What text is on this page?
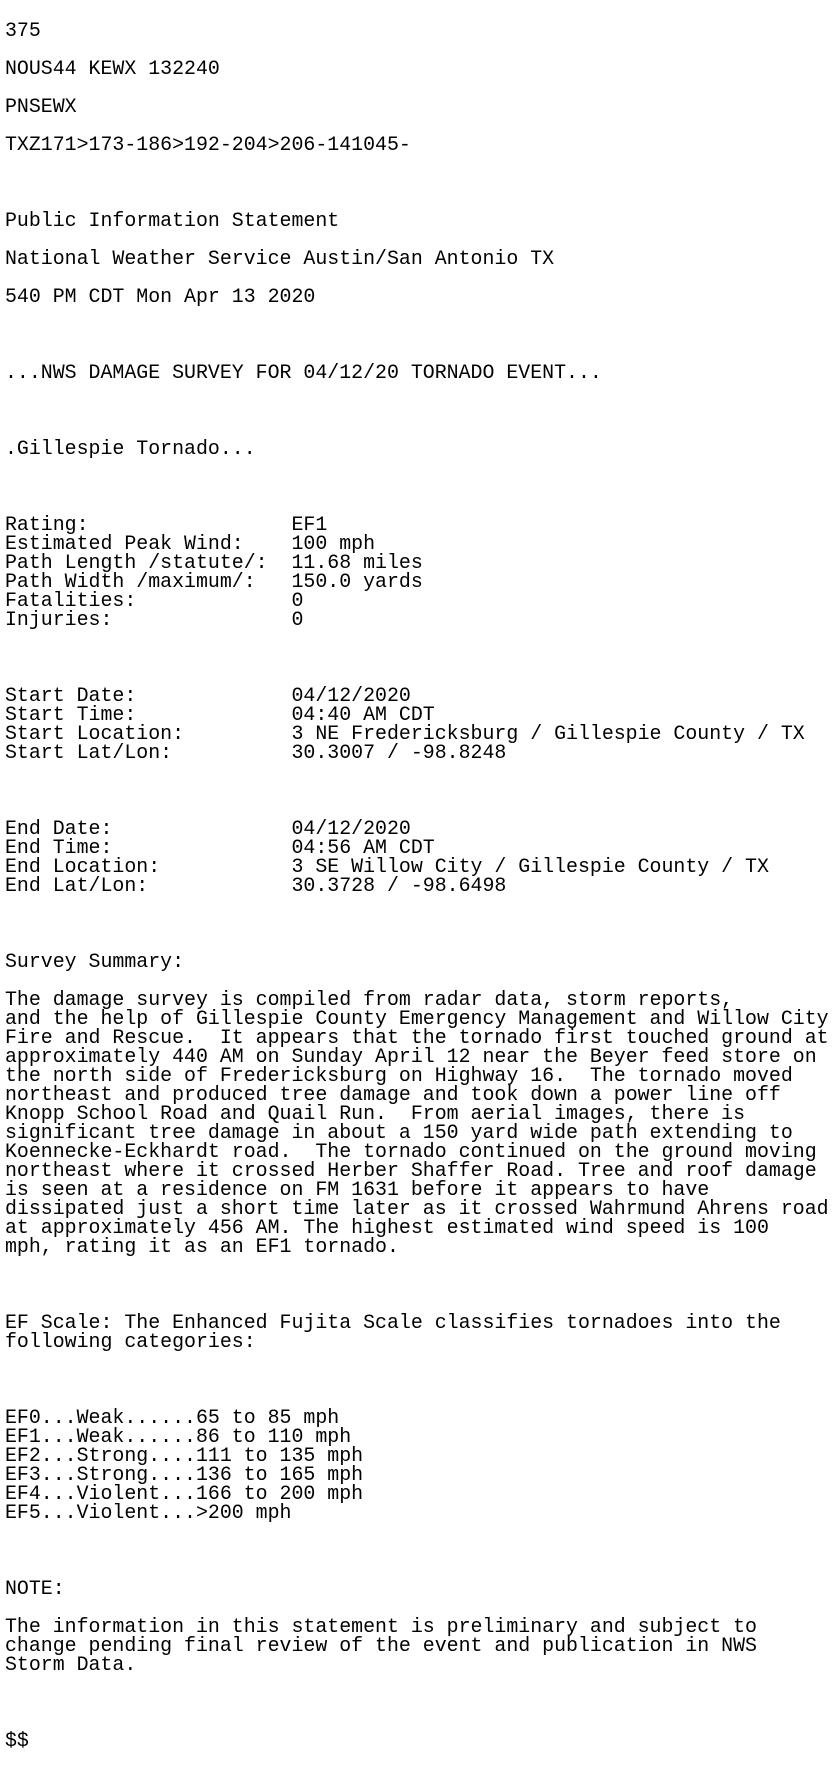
375

NOUS44 KEWX 132240

PNSEWX

TXZ171>173-186>192-204>206-141045-

Public Information Statement

National Weather Service Austin/San Antonio TX

540 PM CDT Mon Apr 13 2020

...NWS DAMAGE SURVEY FOR 04/12/20 TORNADO EVENT...

.Gillespie Tornado...

Rating:	EF1
Estimated Peak Wind: 100 mph
Path Length /statute/: 11.68 miles
Path Width /maximum/: 150.0 yards
Fatalities:	0
Injuries:	0

Start Date:	04/12/2020
Start Time:	04:40 AM CDT
Start Location:	3 NE Fredericksburg / Gillespie County / TX
Start Lat/Lon:	30.3007 / -98.8248

End Date:	04/12/2020
End Time:	04:56 AM CDT
End Location:	3 SE Willow City / Gillespie County / TX
End Lat/Lon:	30.3728 / -98.6498

Survey Summary:

The damage survey is compiled from radar data, storm reports,
and the help of Gillespie County Emergency Management and Willow City
Fire and Rescue.  It appears that the tornado first touched ground at
approximately 440 AM on Sunday April 12 near the Beyer feed store on
the north side of Fredericksburg on Highway 16.  The tornado moved
northeast and produced tree damage and took down a power line off
Knopp School Road and Quail Run.  From aerial images, there is
significant tree damage in about a 150 yard wide path extending to
Koennecke-Eckhardt road.  The tornado continued on the ground moving
northeast where it crossed Herber Shaffer Road. Tree and roof damage
is seen at a residence on FM 1631 before it appears to have
dissipated just a short time later as it crossed Wahrmund Ahrens road
at approximately 456 AM. The highest estimated wind speed is 100
mph, rating it as an EF1 tornado.

EF Scale: The Enhanced Fujita Scale classifies tornadoes into the
following categories:

EF0...Weak......65 to 85 mph
EF1...Weak......86 to 110 mph
EF2...Strong....111 to 135 mph
EF3...Strong....136 to 165 mph
EF4...Violent...166 to 200 mph
EF5...Violent...>200 mph

NOTE:

The information in this statement is preliminary and subject to
change pending final review of the event and publication in NWS
Storm Data.

$$
